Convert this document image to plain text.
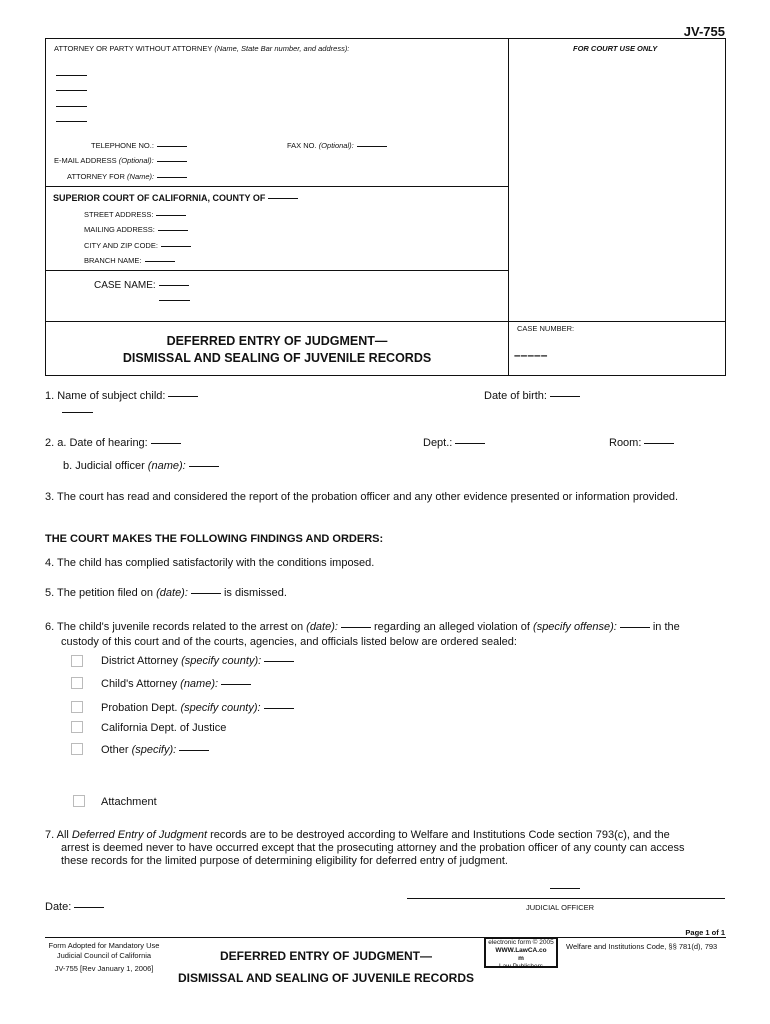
JV-755
ATTORNEY OR PARTY WITHOUT ATTORNEY (Name, State Bar number, and address):	FOR COURT USE ONLY
TELEPHONE NO.:	FAX NO. (Optional):
E-MAIL ADDRESS (Optional):
ATTORNEY FOR (Name):
SUPERIOR COURT OF CALIFORNIA, COUNTY OF
STREET ADDRESS:
MAILING ADDRESS:
CITY AND ZIP CODE:
BRANCH NAME:
CASE NAME:
DEFERRED ENTRY OF JUDGMENT—
DISMISSAL AND SEALING OF JUVENILE RECORDS
CASE NUMBER:
–––––
1. Name of subject child:	Date of birth:
2. a. Date of hearing:	Dept.:	Room:
b. Judicial officer (name):
3. The court has read and considered the report of the probation officer and any other evidence presented or information provided.
THE COURT MAKES THE FOLLOWING FINDINGS AND ORDERS:
4. The child has complied satisfactorily with the conditions imposed.
5. The petition filed on (date):	is dismissed.
6. The child's juvenile records related to the arrest on (date):	regarding an alleged violation of (specify offense):	in the
custody of this court and of the courts, agencies, and officials listed below are ordered sealed:
District Attorney (specify county):
Child's Attorney (name):
Probation Dept. (specify county):
California Dept. of Justice
Other (specify):
Attachment
7. All Deferred Entry of Judgment records are to be destroyed according to Welfare and Institutions Code section 793(c), and the
arrest is deemed never to have occurred except that the prosecuting attorney and the probation officer of any county can access
these records for the limited purpose of determining eligibility for deferred entry of judgment.
JUDICIAL OFFICER
Date:
Page 1 of 1
Form Adopted for Mandatory Use
Judicial Council of California
JV-755 [Rev January 1, 2006]
DEFERRED ENTRY OF JUDGMENT—
DISMISSAL AND SEALING OF JUVENILE RECORDS
electronic form © 2005
WWW.LawCA.co
m
Law Publishers
Welfare and Institutions Code, §§ 781(d), 793
